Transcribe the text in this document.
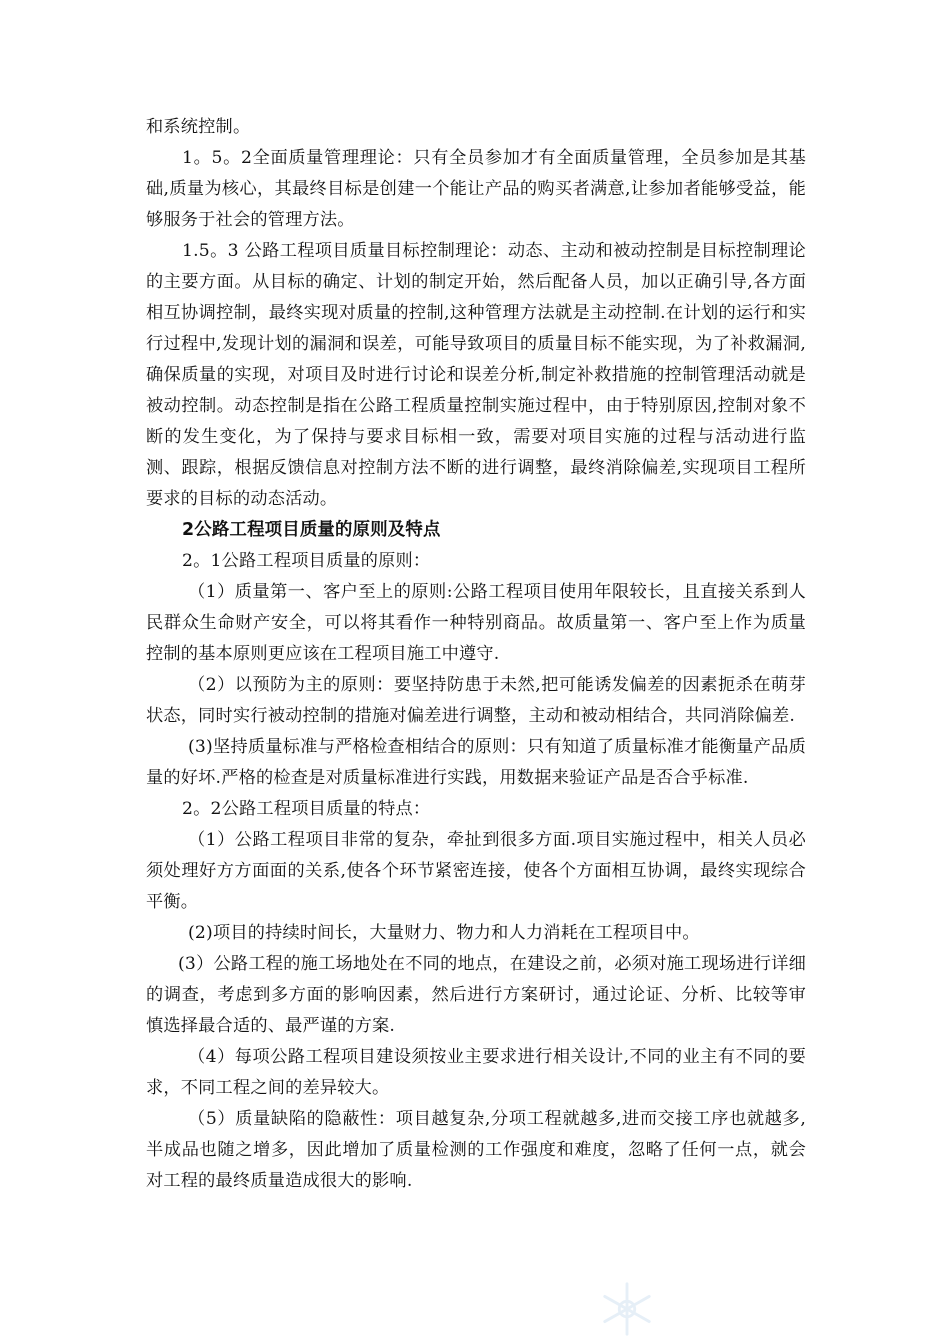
和系统控制。

1。5。2全面质量管理理论：只有全员参加才有全面质量管理，全员参加是其基础,质量为核心，其最终目标是创建一个能让产品的购买者满意,让参加者能够受益，能够服务于社会的管理方法。

1.5。3 公路工程项目质量目标控制理论：动态、主动和被动控制是目标控制理论的主要方面。从目标的确定、计划的制定开始，然后配备人员，加以正确引导,各方面相互协调控制，最终实现对质量的控制,这种管理方法就是主动控制.在计划的运行和实行过程中,发现计划的漏洞和误差，可能导致项目的质量目标不能实现，为了补救漏洞,确保质量的实现，对项目及时进行讨论和误差分析,制定补救措施的控制管理活动就是被动控制。动态控制是指在公路工程质量控制实施过程中，由于特别原因,控制对象不断的发生变化，为了保持与要求目标相一致，需要对项目实施的过程与活动进行监测、跟踪，根据反馈信息对控制方法不断的进行调整，最终消除偏差,实现项目工程所要求的目标的动态活动。

2公路工程项目质量的原则及特点

2。1公路工程项目质量的原则：

（1）质量第一、客户至上的原则:公路工程项目使用年限较长，且直接关系到人民群众生命财产安全，可以将其看作一种特别商品。故质量第一、客户至上作为质量控制的基本原则更应该在工程项目施工中遵守.

（2）以预防为主的原则：要坚持防患于未然,把可能诱发偏差的因素扼杀在萌芽状态，同时实行被动控制的措施对偏差进行调整，主动和被动相结合，共同消除偏差.

(3)坚持质量标准与严格检查相结合的原则：只有知道了质量标准才能衡量产品质量的好坏.严格的检查是对质量标准进行实践，用数据来验证产品是否合乎标准.

2。2公路工程项目质量的特点：

（1）公路工程项目非常的复杂，牵扯到很多方面.项目实施过程中，相关人员必须处理好方方面面的关系,使各个环节紧密连接，使各个方面相互协调，最终实现综合平衡。

(2)项目的持续时间长，大量财力、物力和人力消耗在工程项目中。

(3）公路工程的施工场地处在不同的地点，在建设之前，必须对施工现场进行详细的调查，考虑到多方面的影响因素，然后进行方案研讨，通过论证、分析、比较等审慎选择最合适的、最严谨的方案.

（4）每项公路工程项目建设须按业主要求进行相关设计,不同的业主有不同的要求，不同工程之间的差异较大。

（5）质量缺陷的隐蔽性：项目越复杂,分项工程就越多,进而交接工序也就越多,半成品也随之增多，因此增加了质量检测的工作强度和难度，忽略了任何一点，就会对工程的最终质量造成很大的影响.
